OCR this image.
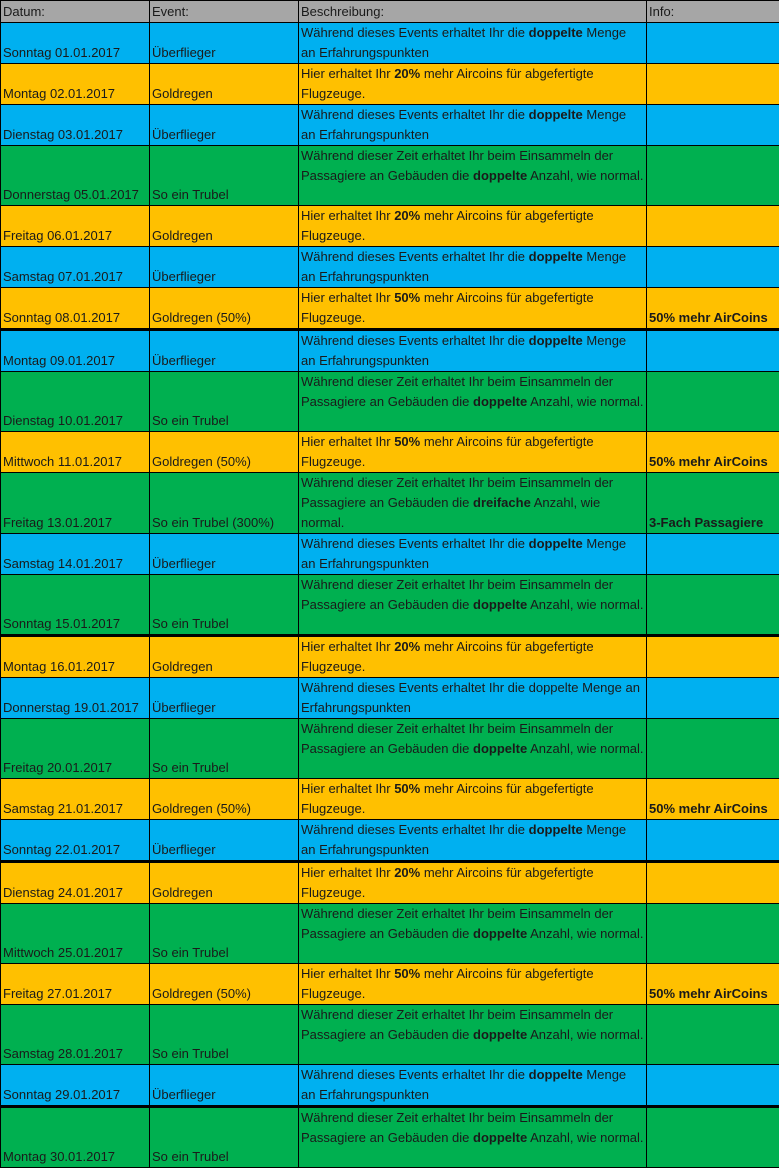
Datum:	Event:	Beschreibung:	Info:
Sonntag 01.01.2017	Überflieger	Während dieses Events erhaltet Ihr die doppelte Menge an Erfahrungspunkten	
Montag 02.01.2017	Goldregen	Hier erhaltet Ihr 20% mehr Aircoins für abgefertigte Flugzeuge.	
Dienstag 03.01.2017	Überflieger	Während dieses Events erhaltet Ihr die doppelte Menge an Erfahrungspunkten	
Donnerstag 05.01.2017	So ein Trubel	Während dieser Zeit erhaltet Ihr beim Einsammeln der Passagiere an Gebäuden die doppelte Anzahl, wie normal.	
Freitag 06.01.2017	Goldregen	Hier erhaltet Ihr 20% mehr Aircoins für abgefertigte Flugzeuge.	
Samstag 07.01.2017	Überflieger	Während dieses Events erhaltet Ihr die doppelte Menge an Erfahrungspunkten	
Sonntag 08.01.2017	Goldregen (50%)	Hier erhaltet Ihr 50% mehr Aircoins für abgefertigte Flugzeuge.	50% mehr AirCoins
Montag 09.01.2017	Überflieger	Während dieses Events erhaltet Ihr die doppelte Menge an Erfahrungspunkten	
Dienstag 10.01.2017	So ein Trubel	Während dieser Zeit erhaltet Ihr beim Einsammeln der Passagiere an Gebäuden die doppelte Anzahl, wie normal.	
Mittwoch 11.01.2017	Goldregen (50%)	Hier erhaltet Ihr 50% mehr Aircoins für abgefertigte Flugzeuge.	50% mehr AirCoins
Freitag 13.01.2017	So ein Trubel (300%)	Während dieser Zeit erhaltet Ihr beim Einsammeln der Passagiere an Gebäuden die dreifache Anzahl, wie normal.	3-Fach Passagiere
Samstag 14.01.2017	Überflieger	Während dieses Events erhaltet Ihr die doppelte Menge an Erfahrungspunkten	
Sonntag 15.01.2017	So ein Trubel	Während dieser Zeit erhaltet Ihr beim Einsammeln der Passagiere an Gebäuden die doppelte Anzahl, wie normal.	
Montag 16.01.2017	Goldregen	Hier erhaltet Ihr 20% mehr Aircoins für abgefertigte Flugzeuge.	
Donnerstag 19.01.2017	Überflieger	Während dieses Events erhaltet Ihr die doppelte Menge an Erfahrungspunkten	
Freitag 20.01.2017	So ein Trubel	Während dieser Zeit erhaltet Ihr beim Einsammeln der Passagiere an Gebäuden die doppelte Anzahl, wie normal.	
Samstag 21.01.2017	Goldregen (50%)	Hier erhaltet Ihr 50% mehr Aircoins für abgefertigte Flugzeuge.	50% mehr AirCoins
Sonntag 22.01.2017	Überflieger	Während dieses Events erhaltet Ihr die doppelte Menge an Erfahrungspunkten	
Dienstag 24.01.2017	Goldregen	Hier erhaltet Ihr 20% mehr Aircoins für abgefertigte Flugzeuge.	
Mittwoch 25.01.2017	So ein Trubel	Während dieser Zeit erhaltet Ihr beim Einsammeln der Passagiere an Gebäuden die doppelte Anzahl, wie normal.	
Freitag 27.01.2017	Goldregen (50%)	Hier erhaltet Ihr 50% mehr Aircoins für abgefertigte Flugzeuge.	50% mehr AirCoins
Samstag 28.01.2017	So ein Trubel	Während dieser Zeit erhaltet Ihr beim Einsammeln der Passagiere an Gebäuden die doppelte Anzahl, wie normal.	
Sonntag 29.01.2017	Überflieger	Während dieses Events erhaltet Ihr die doppelte Menge an Erfahrungspunkten	
Montag 30.01.2017	So ein Trubel	Während dieser Zeit erhaltet Ihr beim Einsammeln der Passagiere an Gebäuden die doppelte Anzahl, wie normal.	
